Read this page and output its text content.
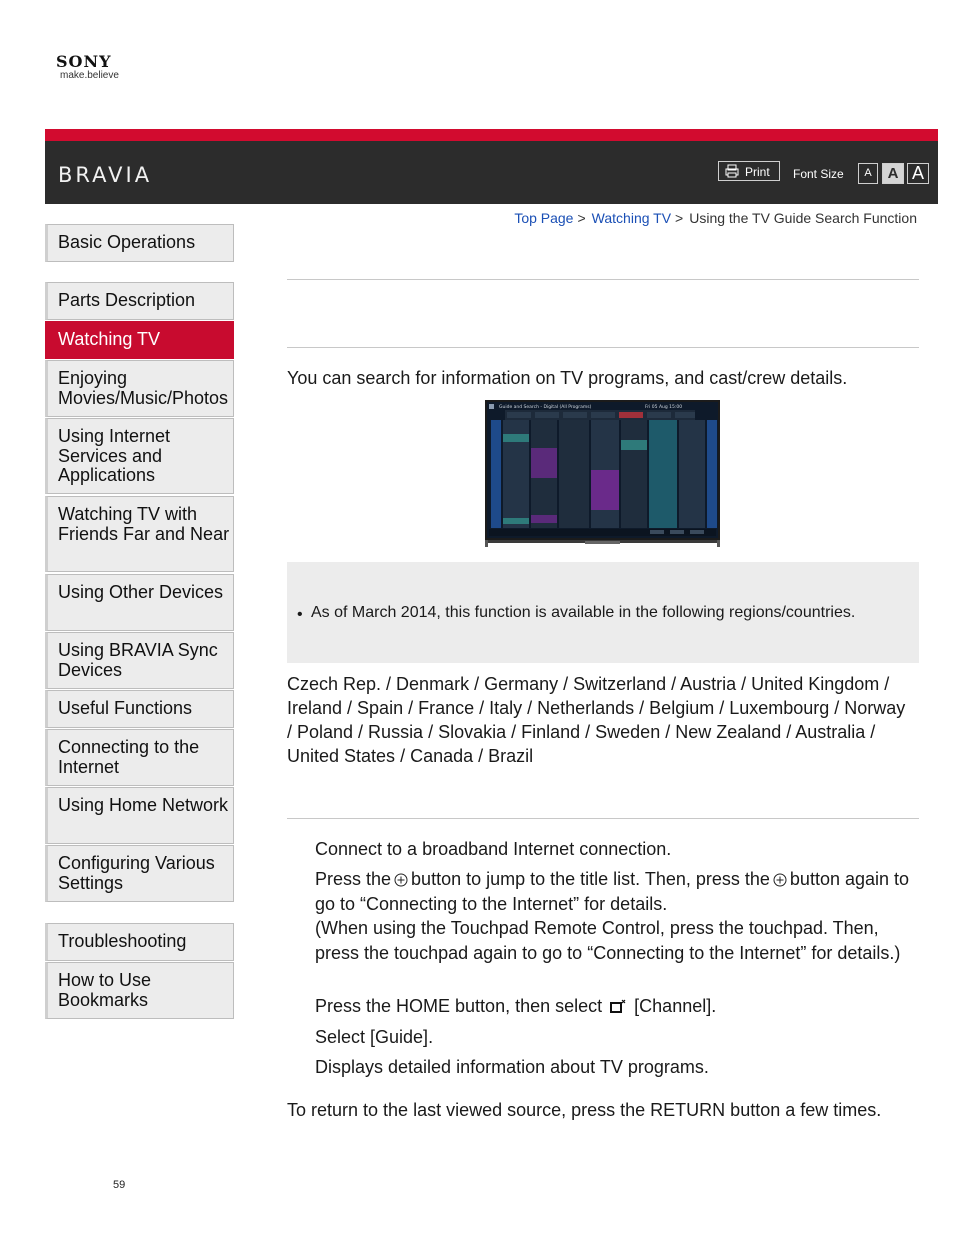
SONY
make.believe
BRAVIA	Print Font Size	A	A A
Top Page > Watching TV > Using the TV Guide Search Function
Basic Operations
Parts Description
Watching TV
Enjoying Movies/Music/Photos
Using Internet Services and Applications
Watching TV with Friends Far and Near
Using Other Devices
Using BRAVIA Sync Devices
Useful Functions
Connecting to the Internet
Using Home Network
Configuring Various Settings
Troubleshooting
How to Use Bookmarks
You can search for information on TV programs, and cast/crew details.
Guide and Search - Digital (All Programs)	Fri 05 Aug 15:00
• As of March 2014, this function is available in the following regions/countries.
Czech Rep. / Denmark / Germany / Switzerland / Austria / United Kingdom / Ireland / Spain / France / Italy / Netherlands / Belgium / Luxembourg / Norway / Poland / Russia / Slovakia / Finland / Sweden / New Zealand / Australia / United States / Canada / Brazil
Connect to a broadband Internet connection.
Press the button to jump to the title list. Then, press the button again to go to “Connecting to the Internet” for details.
(When using the Touchpad Remote Control, press the touchpad. Then, press the touchpad again to go to “Connecting to the Internet” for details.)
Press the HOME button, then select [Channel].
Select [Guide].
Displays detailed information about TV programs.
To return to the last viewed source, press the RETURN button a few times.
59
